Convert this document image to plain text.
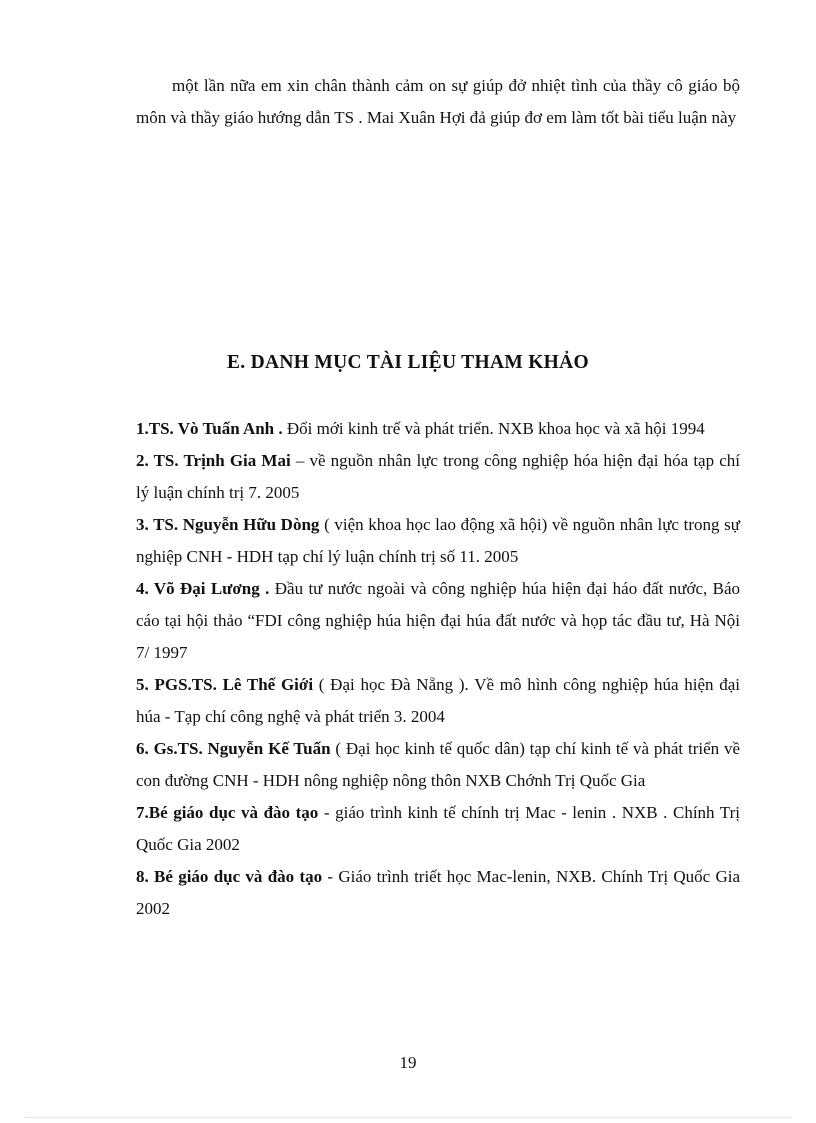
một lần nữa em xin chân thành cảm on sự giúp đở nhiệt tình của thầy cô giáo bộ môn và thầy giáo hướng dẫn TS . Mai Xuân Hợi đả giúp đơ em làm tốt bài tiểu luận này

E. DANH MỤC TÀI LIỆU THAM KHẢO
1.TS. Vò Tuấn Anh . Đổi mới kinh trế và phát triển. NXB khoa học và xã hội 1994
2. TS. Trịnh Gia Mai – về nguồn nhân lực trong công nghiệp hóa hiện đại hóa tạp chí lý luận chính trị 7. 2005
3. TS. Nguyễn Hữu Dòng ( viện khoa học lao động xã hội) về nguồn nhân lực trong sự nghiệp CNH - HDH tạp chí lý luận chính trị số 11. 2005
4. Võ Đại Lương . Đầu tư nước ngoài và công nghiệp húa hiện đại háo đất nước, Báo cáo tại hội thảo “FDI công nghiệp húa hiện đại húa đất nước và họp tác đầu tư, Hà Nội 7/ 1997
5. PGS.TS. Lê Thế Giới ( Đại học Đà Nẵng ). Về mô hình công nghiệp húa hiện đại húa - Tạp chí công nghệ và phát triển 3. 2004
6. Gs.TS. Nguyễn Kế Tuấn ( Đại học kinh tế quốc dân) tạp chí kinh tế và phát triển về con đường CNH - HDH nông nghiệp nông thôn NXB Chớnh Trị Quốc Gia
7.Bé giáo dục và đào tạo - giáo trình kinh tế chính trị Mac - lenin . NXB . Chính Trị Quốc Gia 2002
8. Bé giáo dục và đào tạo - Giáo trình triết học Mac-lenin, NXB. Chính Trị Quốc Gia 2002
19
